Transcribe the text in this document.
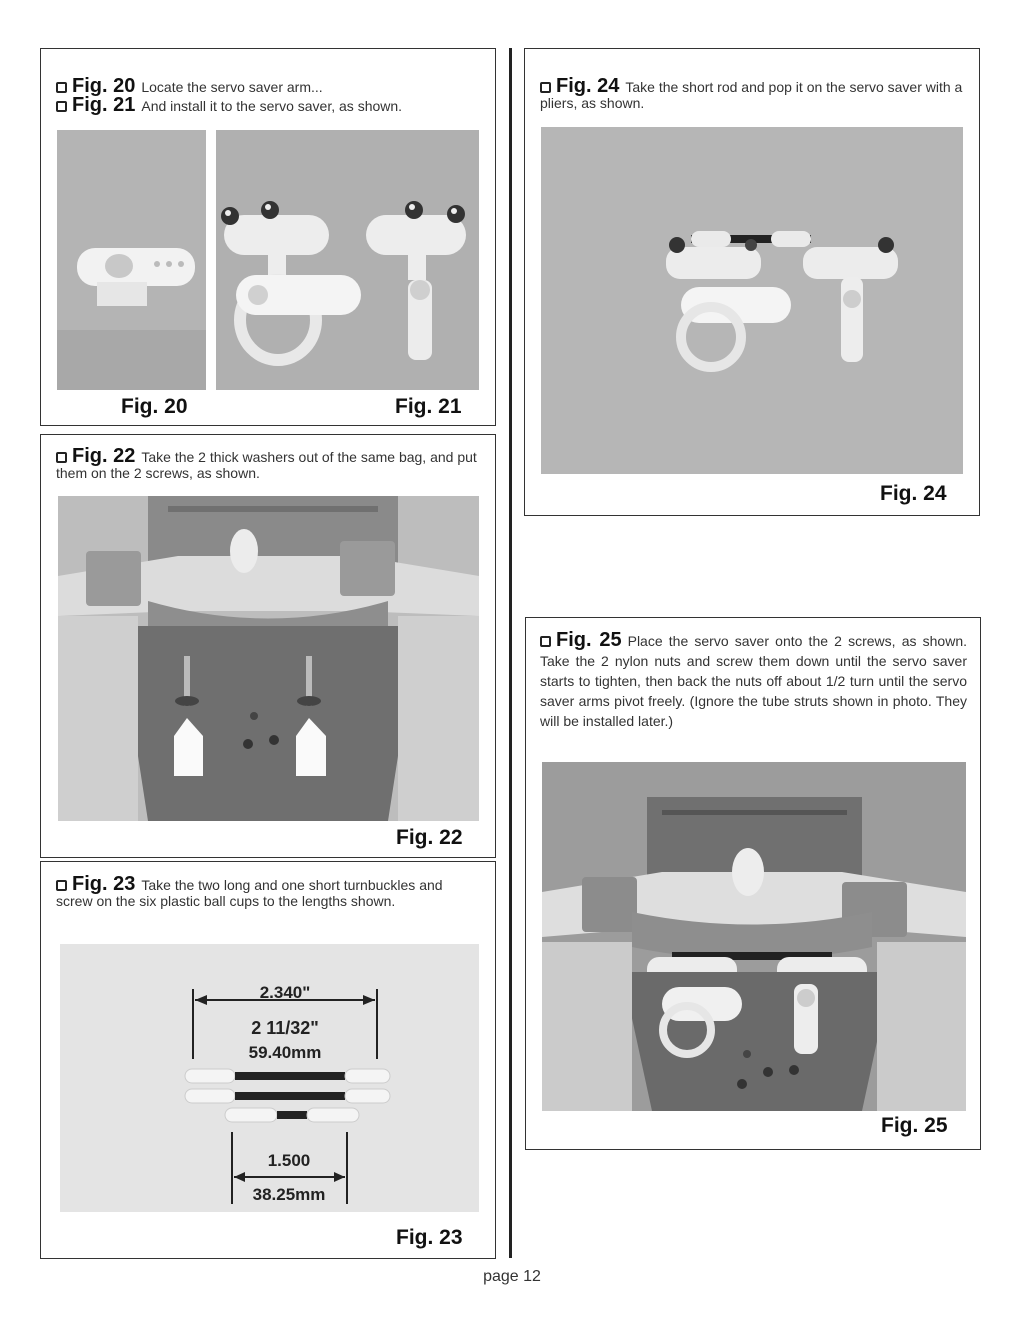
Fig. 20 Locate the servo saver arm...
Fig. 21 And install it to the servo saver, as shown.
Fig. 20	Fig. 21
Fig. 22 Take the 2 thick washers out of the same bag, and put them on the 2 screws, as shown.
Fig. 22
Fig. 23 Take the two long and one short turnbuckles and screw on the six plastic ball cups to the lengths shown.
2.340"
2 11/32"
59.40mm
1.500
38.25mm
Fig. 23
Fig. 24 Take the short rod and pop it on the servo saver with a pliers, as shown.
Fig. 24
Fig. 25 Place the servo saver onto the 2 screws, as shown. Take the 2 nylon nuts and screw them down until the servo saver starts to tighten, then back the nuts off about 1/2 turn until the servo saver arms pivot freely. (Ignore the tube struts shown in photo. They will be installed later.)
Fig. 25
page 12
